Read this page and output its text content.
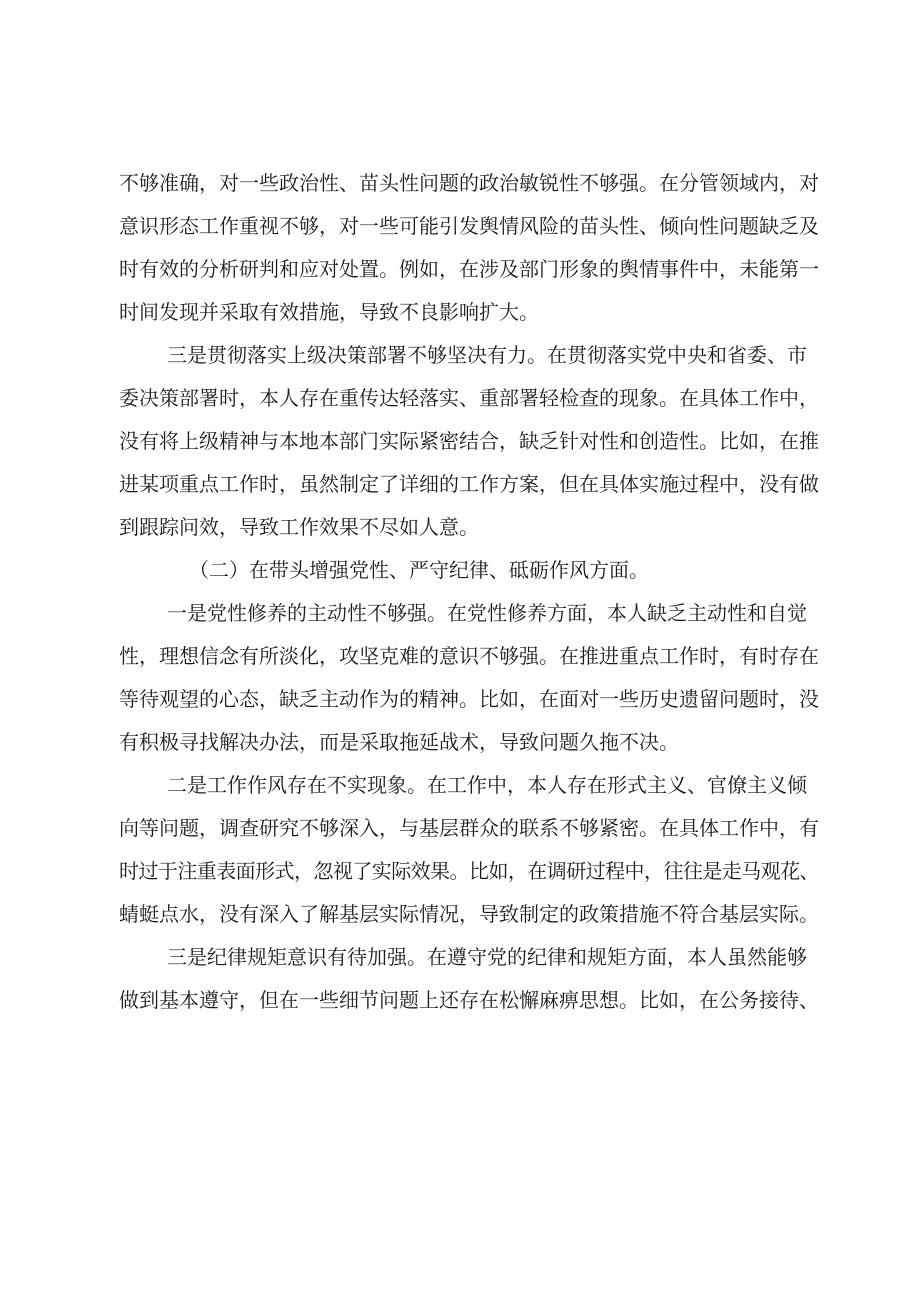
不够准确，对一些政治性、苗头性问题的政治敏锐性不够强。在分管领域内，对
意识形态工作重视不够，对一些可能引发舆情风险的苗头性、倾向性问题缺乏及
时有效的分析研判和应对处置。例如，在涉及部门形象的舆情事件中，未能第一
时间发现并采取有效措施，导致不良影响扩大。

三是贯彻落实上级决策部署不够坚决有力。在贯彻落实党中央和省委、市
委决策部署时，本人存在重传达轻落实、重部署轻检查的现象。在具体工作中，
没有将上级精神与本地本部门实际紧密结合，缺乏针对性和创造性。比如，在推
进某项重点工作时，虽然制定了详细的工作方案，但在具体实施过程中，没有做
到跟踪问效，导致工作效果不尽如人意。

（二）在带头增强党性、严守纪律、砥砺作风方面。

一是党性修养的主动性不够强。在党性修养方面，本人缺乏主动性和自觉
性，理想信念有所淡化，攻坚克难的意识不够强。在推进重点工作时，有时存在
等待观望的心态，缺乏主动作为的精神。比如，在面对一些历史遗留问题时，没
有积极寻找解决办法，而是采取拖延战术，导致问题久拖不决。

二是工作作风存在不实现象。在工作中，本人存在形式主义、官僚主义倾
向等问题，调查研究不够深入，与基层群众的联系不够紧密。在具体工作中，有
时过于注重表面形式，忽视了实际效果。比如，在调研过程中，往往是走马观花、
蜻蜓点水，没有深入了解基层实际情况，导致制定的政策措施不符合基层实际。

三是纪律规矩意识有待加强。在遵守党的纪律和规矩方面，本人虽然能够
做到基本遵守，但在一些细节问题上还存在松懈麻痹思想。比如，在公务接待、
